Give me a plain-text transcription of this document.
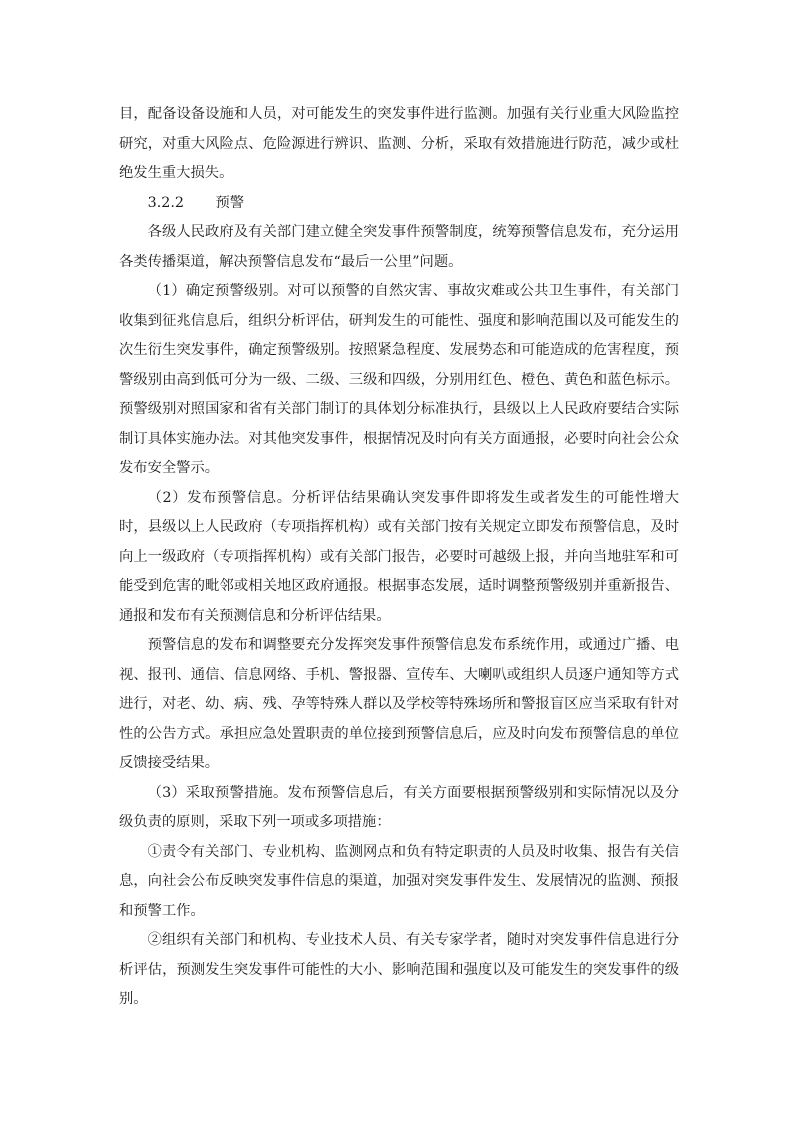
目，配备设备设施和人员，对可能发生的突发事件进行监测。加强有关行业重大风险监控研究，对重大风险点、危险源进行辨识、监测、分析，采取有效措施进行防范，减少或杜绝发生重大损失。

3.2.2 预警

各级人民政府及有关部门建立健全突发事件预警制度，统筹预警信息发布，充分运用各类传播渠道，解决预警信息发布“最后一公里”问题。

（1）确定预警级别。对可以预警的自然灾害、事故灾难或公共卫生事件，有关部门收集到征兆信息后，组织分析评估，研判发生的可能性、强度和影响范围以及可能发生的次生衍生突发事件，确定预警级别。按照紧急程度、发展势态和可能造成的危害程度，预警级别由高到低可分为一级、二级、三级和四级，分别用红色、橙色、黄色和蓝色标示。预警级别对照国家和省有关部门制订的具体划分标准执行，县级以上人民政府要结合实际制订具体实施办法。对其他突发事件，根据情况及时向有关方面通报，必要时向社会公众发布安全警示。

（2）发布预警信息。分析评估结果确认突发事件即将发生或者发生的可能性增大时，县级以上人民政府（专项指挥机构）或有关部门按有关规定立即发布预警信息，及时向上一级政府（专项指挥机构）或有关部门报告，必要时可越级上报，并向当地驻军和可能受到危害的毗邻或相关地区政府通报。根据事态发展，适时调整预警级别并重新报告、通报和发布有关预测信息和分析评估结果。

预警信息的发布和调整要充分发挥突发事件预警信息发布系统作用，或通过广播、电视、报刊、通信、信息网络、手机、警报器、宣传车、大喇叭或组织人员逐户通知等方式进行，对老、幼、病、残、孕等特殊人群以及学校等特殊场所和警报盲区应当采取有针对性的公告方式。承担应急处置职责的单位接到预警信息后，应及时向发布预警信息的单位反馈接受结果。

（3）采取预警措施。发布预警信息后，有关方面要根据预警级别和实际情况以及分级负责的原则，采取下列一项或多项措施：

①责令有关部门、专业机构、监测网点和负有特定职责的人员及时收集、报告有关信息，向社会公布反映突发事件信息的渠道，加强对突发事件发生、发展情况的监测、预报和预警工作。

②组织有关部门和机构、专业技术人员、有关专家学者，随时对突发事件信息进行分析评估，预测发生突发事件可能性的大小、影响范围和强度以及可能发生的突发事件的级别。
